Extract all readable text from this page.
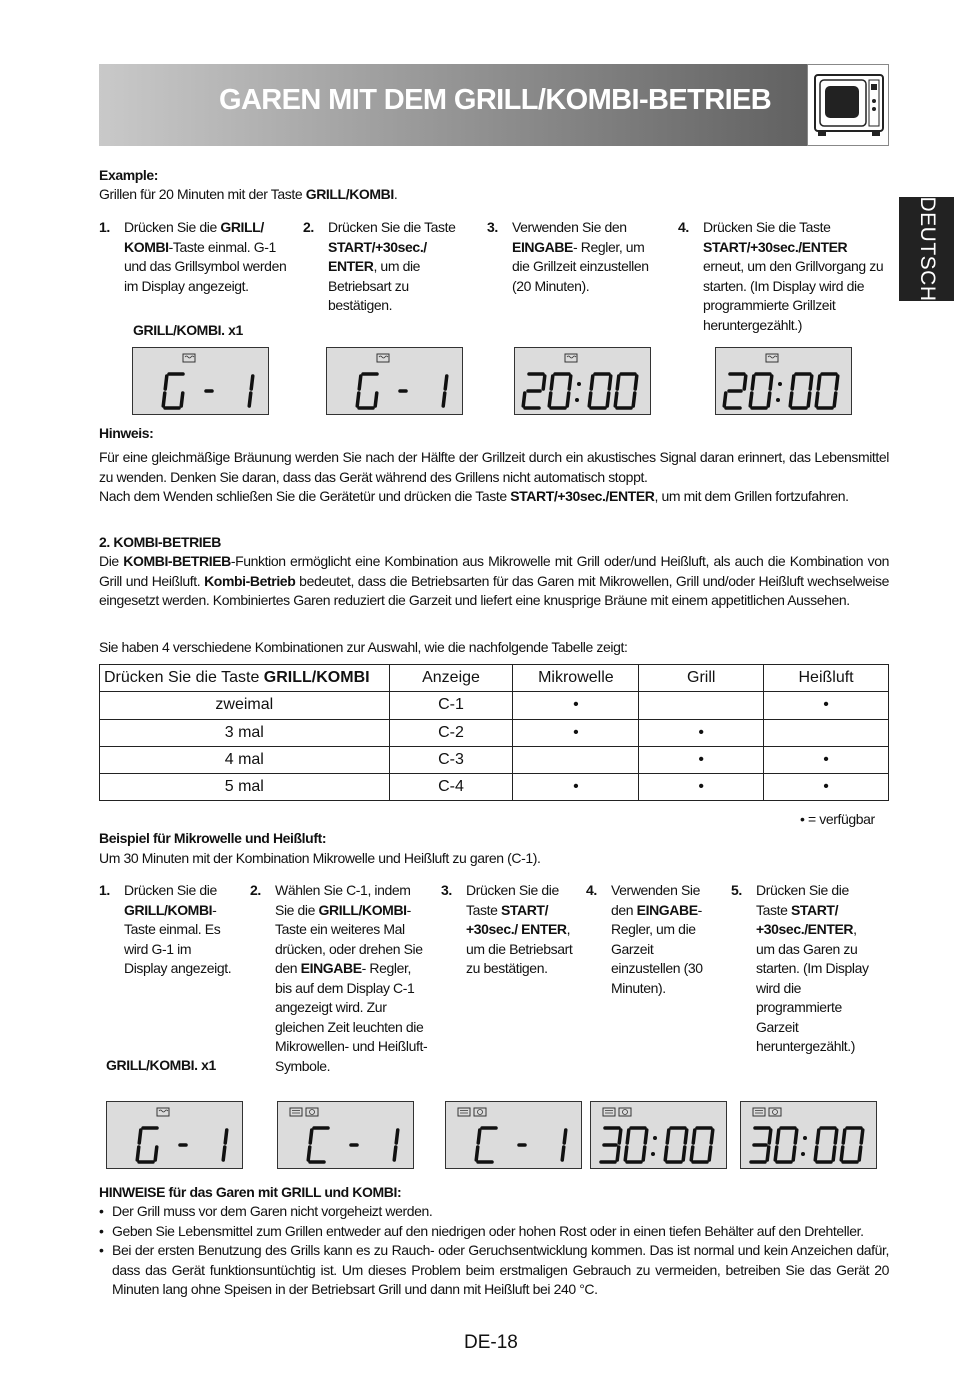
GAREN MIT DEM GRILL/KOMBI-BETRIEB
DEUTSCH
Example:
Grillen für 20 Minuten mit der Taste GRILL/KOMBI.
1. Drücken Sie die GRILL/ KOMBI-Taste einmal. G-1 und das Grillsymbol werden im Display angezeigt.
2. Drücken Sie die Taste START/+30sec./ ENTER, um die Betriebsart zu bestätigen.
3. Verwenden Sie den EINGABE- Regler, um die Grillzeit einzustellen (20 Minuten).
4. Drücken Sie die Taste START/+30sec./ENTER erneut, um den Grillvorgang zu starten. (Im Display wird die programmierte Grillzeit heruntergezählt.)
GRILL/KOMBI. x1
Hinweis:
Für eine gleichmäßige Bräunung werden Sie nach der Hälfte der Grillzeit durch ein akustisches Signal daran erinnert, das Lebensmittel zu wenden. Denken Sie daran, dass das Gerät während des Grillens nicht automatisch stoppt.
Nach dem Wenden schließen Sie die Gerätetür und drücken die Taste START/+30sec./ENTER, um mit dem Grillen fortzufahren.
2. KOMBI-BETRIEB
Die KOMBI-BETRIEB-Funktion ermöglicht eine Kombination aus Mikrowelle mit Grill oder/und Heißluft, als auch die Kombination von Grill und Heißluft. Kombi-Betrieb bedeutet, dass die Betriebsarten für das Garen mit Mikrowellen, Grill und/oder Heißluft wechselweise eingesetzt werden. Kombiniertes Garen reduziert die Garzeit und liefert eine knusprige Bräune mit einem appetitlichen Aussehen.
Sie haben 4 verschiedene Kombinationen zur Auswahl, wie die nachfolgende Tabelle zeigt:
Drücken Sie die Taste GRILL/KOMBI	Anzeige	Mikrowelle	Grill	Heißluft
zweimal	C-1	•		•
3 mal	C-2	•	•	
4 mal	C-3		•	•
5 mal	C-4	•	•	•
• = verfügbar
Beispiel für Mikrowelle und Heißluft:
Um 30 Minuten mit der Kombination Mikrowelle und Heißluft zu garen (C-1).
1. Drücken Sie die GRILL/KOMBI- Taste einmal. Es wird G-1 im Display angezeigt.
2. Wählen Sie C-1, indem Sie die GRILL/KOMBI- Taste ein weiteres Mal drücken, oder drehen Sie den EINGABE- Regler, bis auf dem Display C-1 angezeigt wird. Zur gleichen Zeit leuchten die Mikrowellen- und Heißluft-Symbole.
3. Drücken Sie die Taste START/ +30sec./ ENTER, um die Betriebsart zu bestätigen.
4. Verwenden Sie den EINGABE- Regler, um die Garzeit einzustellen (30 Minuten).
5. Drücken Sie die Taste START/ +30sec./ENTER, um das Garen zu starten. (Im Display wird die programmierte Garzeit heruntergezählt.)
GRILL/KOMBI. x1
HINWEISE für das Garen mit GRILL und KOMBI:
• Der Grill muss vor dem Garen nicht vorgeheizt werden.
• Geben Sie Lebensmittel zum Grillen entweder auf den niedrigen oder hohen Rost oder in einen tiefen Behälter auf den Drehteller.
• Bei der ersten Benutzung des Grills kann es zu Rauch- oder Geruchsentwicklung kommen. Das ist normal und kein Anzeichen dafür, dass das Gerät funktionsuntüchtig ist. Um dieses Problem beim erstmaligen Gebrauch zu vermeiden, betreiben Sie das Gerät 20 Minuten lang ohne Speisen in der Betriebsart Grill und dann mit Heißluft bei 240 °C.
DE-18
